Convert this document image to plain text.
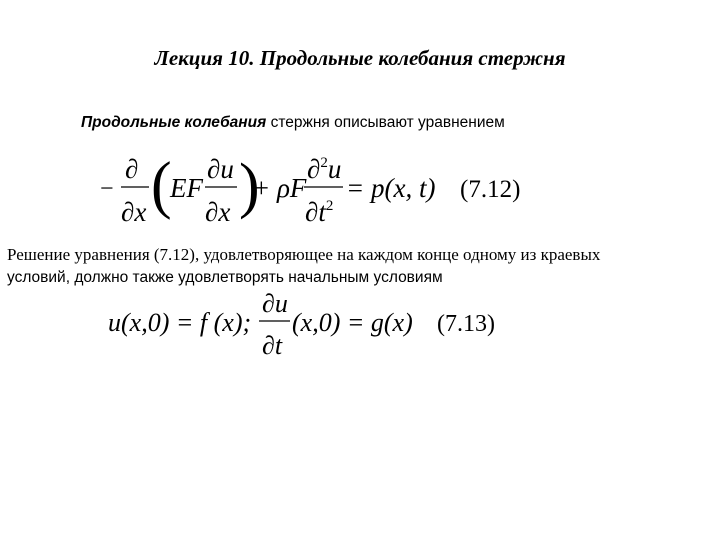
Лекция 10. Продольные колебания стержня
Продольные колебания стержня описывают уравнением
−
∂
∂x (
EF
∂u
∂x )
+ ρF
∂$^2$u
$\partial t^2$
= p(x, t) (7.12)
Решение уравнения (7.12), удовлетворяющее на каждом конце одному из краевых
условий, должно также удовлетворять начальным условиям
u(x,0) = f (x);
∂u
∂t
(x,0) = g(x) (7.13)
